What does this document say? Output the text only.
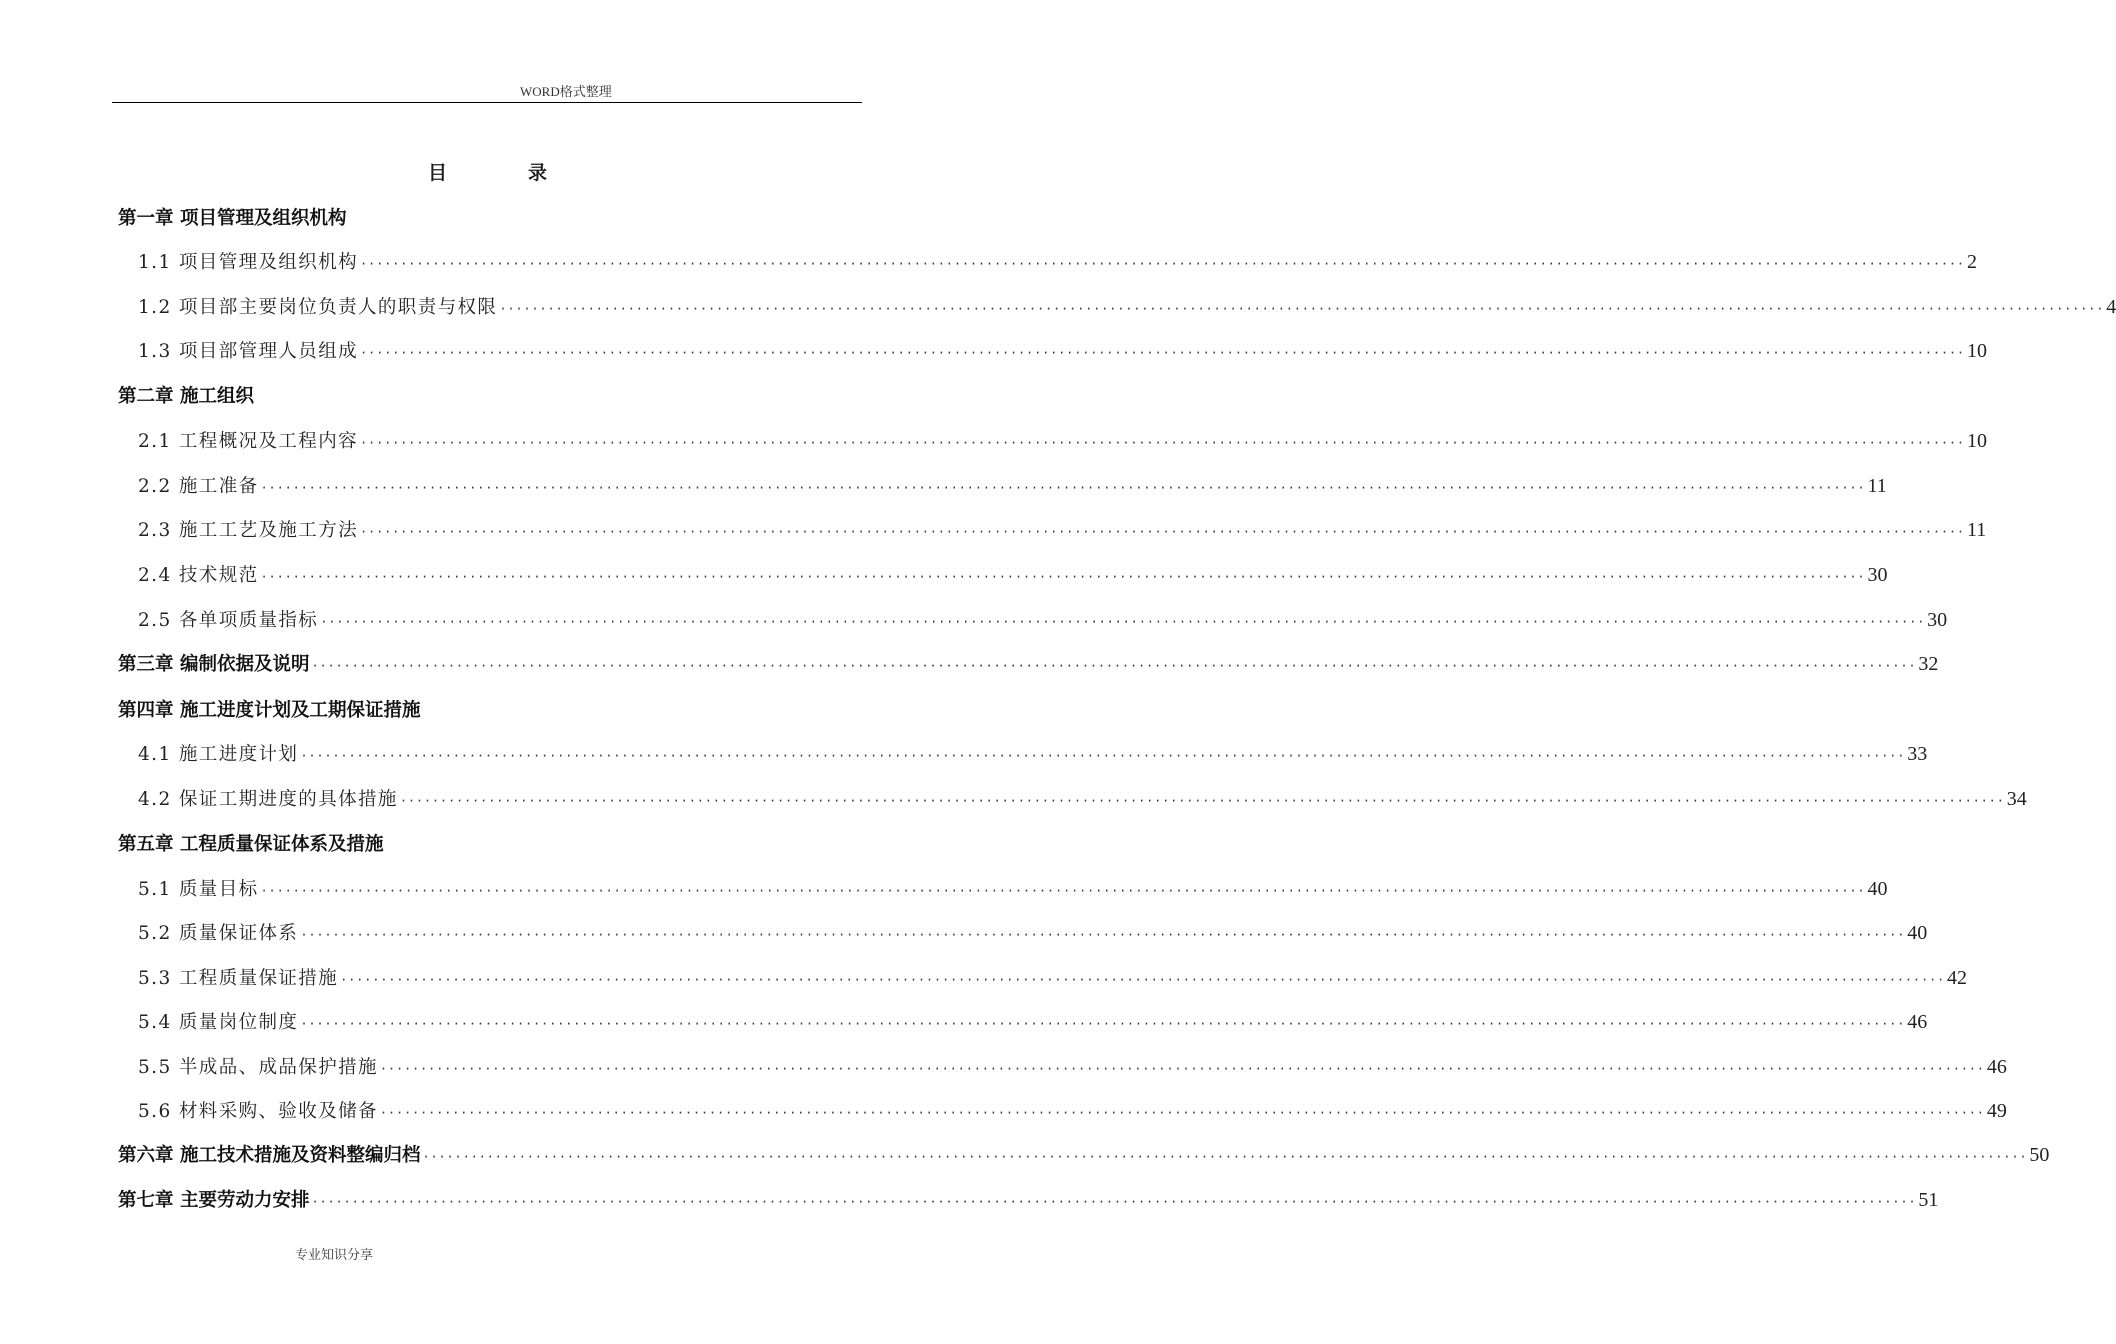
WORD格式整理
目	录
第一章 项目管理及组织机构
1.1 项目管理及组织机构 ········································································································································································································ 2
1.2 项目部主要岗位负责人的职责与权限 ········································································································································································································ 4
1.3 项目部管理人员组成 ········································································································································································································ 10
第二章 施工组织
2.1 工程概况及工程内容 ········································································································································································································ 10
2.2 施工准备 ········································································································································································································ 11
2.3 施工工艺及施工方法 ········································································································································································································ 11
2.4 技术规范 ········································································································································································································ 30
2.5 各单项质量指标 ········································································································································································································ 30
第三章 编制依据及说明 ········································································································································································································ 32
第四章 施工进度计划及工期保证措施
4.1 施工进度计划 ········································································································································································································ 33
4.2 保证工期进度的具体措施 ········································································································································································································ 34
第五章 工程质量保证体系及措施
5.1 质量目标 ········································································································································································································ 40
5.2 质量保证体系 ········································································································································································································ 40
5.3 工程质量保证措施 ········································································································································································································ 42
5.4 质量岗位制度 ········································································································································································································ 46
5.5 半成品、成品保护措施 ········································································································································································································ 46
5.6 材料采购、验收及储备 ········································································································································································································ 49
第六章 施工技术措施及资料整编归档 ········································································································································································································ 50
第七章 主要劳动力安排 ········································································································································································································ 51
专业知识分享
